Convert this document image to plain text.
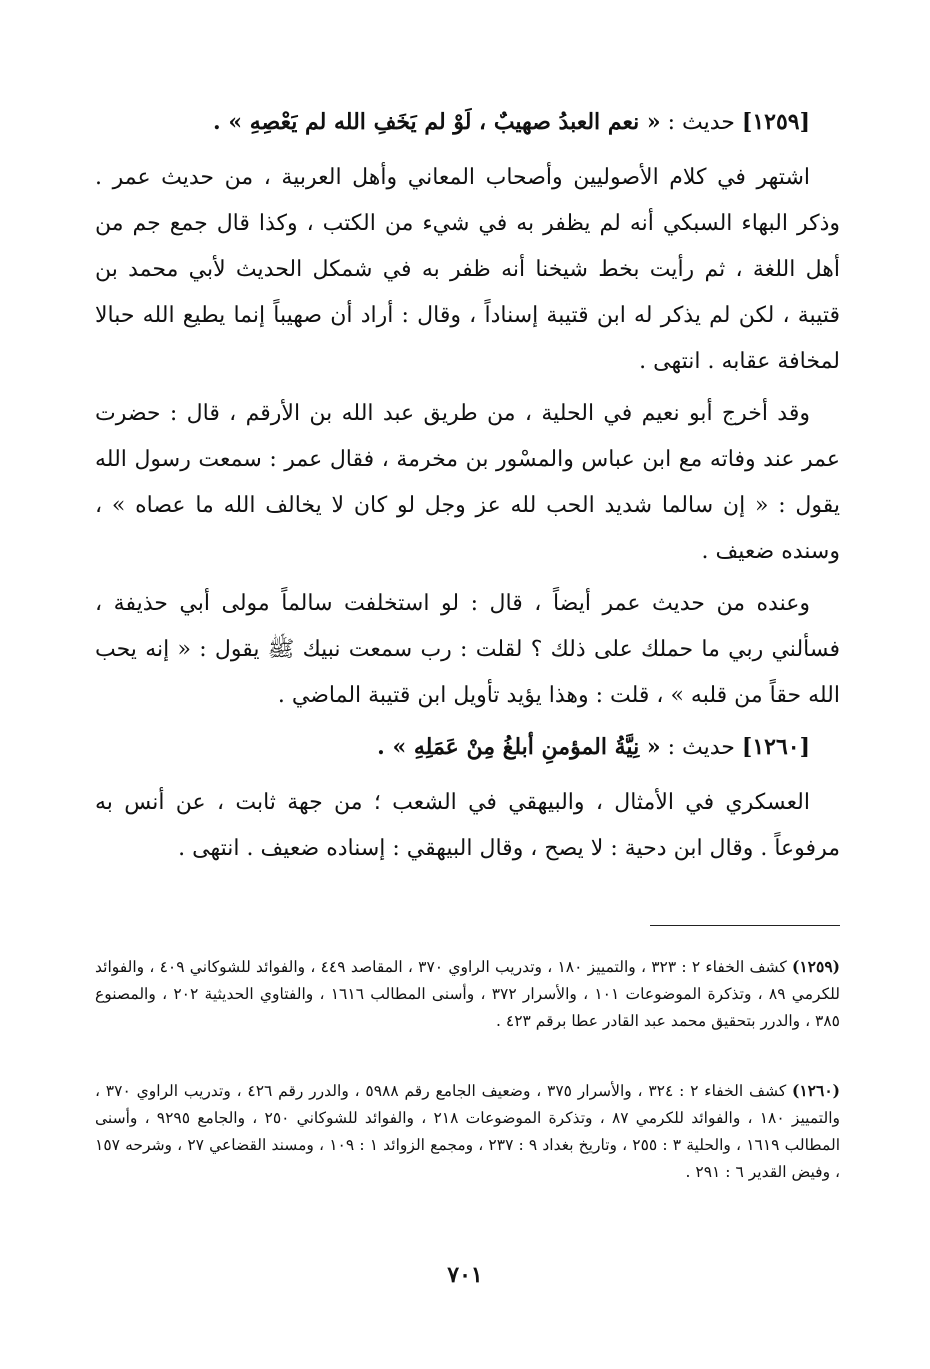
[١٢٥٩] حديث : « نعم العبدُ صهيبٌ ، لَوْ لم يَخَفِ الله لم يَعْصِهِ » .

اشتهر في كلام الأصوليين وأصحاب المعاني وأهل العربية ، من حديث عمر . وذكر البهاء السبكي أنه لم يظفر به في شيء من الكتب ، وكذا قال جمع جم من أهل اللغة ، ثم رأيت بخط شيخنا أنه ظفر به في شمكل الحديث لأبي محمد بن قتيبة ، لكن لم يذكر له ابن قتيبة إسناداً ، وقال : أراد أن صهيباً إنما يطيع الله حبالا لمخافة عقابه . انتهى .

وقد أخرج أبو نعيم في الحلية ، من طريق عبد الله بن الأرقم ، قال : حضرت عمر عند وفاته مع ابن عباس والمسْور بن مخرمة ، فقال عمر : سمعت رسول الله يقول : « إن سالما شديد الحب لله عز وجل لو كان لا يخالف الله ما عصاه » ، وسنده ضعيف .

وعنده من حديث عمر أيضاً ، قال : لو استخلفت سالماً مولى أبي حذيفة ، فسألني ربي ما حملك على ذلك ؟ لقلت : رب سمعت نبيك ﷺ يقول : « إنه يحب الله حقاً من قلبه » ، قلت : وهذا يؤيد تأويل ابن قتيبة الماضي .

[١٢٦٠] حديث : « نِيَّةُ المؤمنِ أبلغُ مِنْ عَمَلِهِ » .

العسكري في الأمثال ، والبيهقي في الشعب ؛ من جهة ثابت ، عن أنس به مرفوعاً . وقال ابن دحية : لا يصح ، وقال البيهقي : إسناده ضعيف . انتهى .

(١٢٥٩) كشف الخفاء ٢ : ٣٢٣ ، والتمييز ١٨٠ ، وتدريب الراوي ٣٧٠ ، المقاصد ٤٤٩ ، والفوائد للشوكاني ٤٠٩ ، والفوائد للكرمي ٨٩ ، وتذكرة الموضوعات ١٠١ ، والأسرار ٣٧٢ ، وأسنى المطالب ١٦١٦ ، والفتاوي الحديثية ٢٠٢ ، والمصنوع ٣٨٥ ، والدرر بتحقيق محمد عبد القادر عطا برقم ٤٢٣ .

(١٢٦٠) كشف الخفاء ٢ : ٣٢٤ ، والأسرار ٣٧٥ ، وضعيف الجامع رقم ٥٩٨٨ ، والدرر رقم ٤٢٦ ، وتدريب الراوي ٣٧٠ ، والتمييز ١٨٠ ، والفوائد للكرمي ٨٧ ، وتذكرة الموضوعات ٢١٨ ، والفوائد للشوكاني ٢٥٠ ، والجامع ٩٢٩٥ ، وأسنى المطالب ١٦١٩ ، والحلية ٣ : ٢٥٥ ، وتاريخ بغداد ٩ : ٢٣٧ ، ومجمع الزوائد ١ : ١٠٩ ، ومسند القضاعي ٢٧ ، وشرحه ١٥٧ ، وفيض القدير ٦ : ٢٩١ .

٧٠١
